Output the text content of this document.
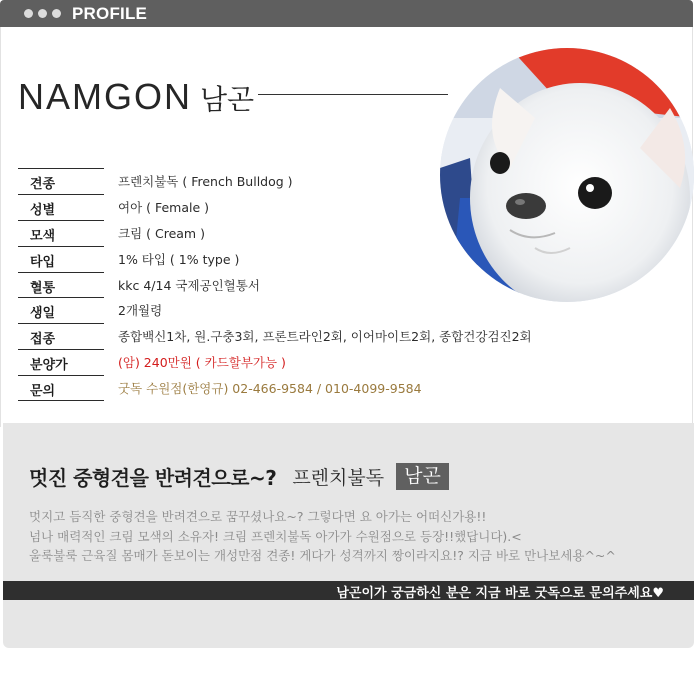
PROFILE
NAMGON 남곤
견종	프렌치불독 ( French Bulldog )
성별	여아 ( Female )
모색	크림 ( Cream )
타입	1% 타입 ( 1% type )
혈통	kkc 4/14 국제공인혈통서
생일	2개월령
접종	종합백신1차, 원.구충3회, 프론트라인2회, 이어마이트2회, 종합건강검진2회
분양가	(암) 240만원 ( 카드할부가능 )
문의	굿독 수원점(한영규) 02-466-9584 / 010-4099-9584
멋진 중형견을 반려견으로~? 프렌치불독	남곤
멋지고 듬직한 중형견을 반려견으로 꿈꾸셨나요~? 그렇다면 요 아가는 어떠신가용!!
넘나 매력적인 크림 모색의 소유자! 크림 프렌치불독 아가가 수원점으로 등장!!했답니다).<
울룩불룩 근육질 몸매가 돋보이는 개성만점 견종! 게다가 성격까지 짱이라지요!? 지금 바로 만나보세용^~^
남곤이가 궁금하신 분은 지금 바로 굿독으로 문의주세요♥
